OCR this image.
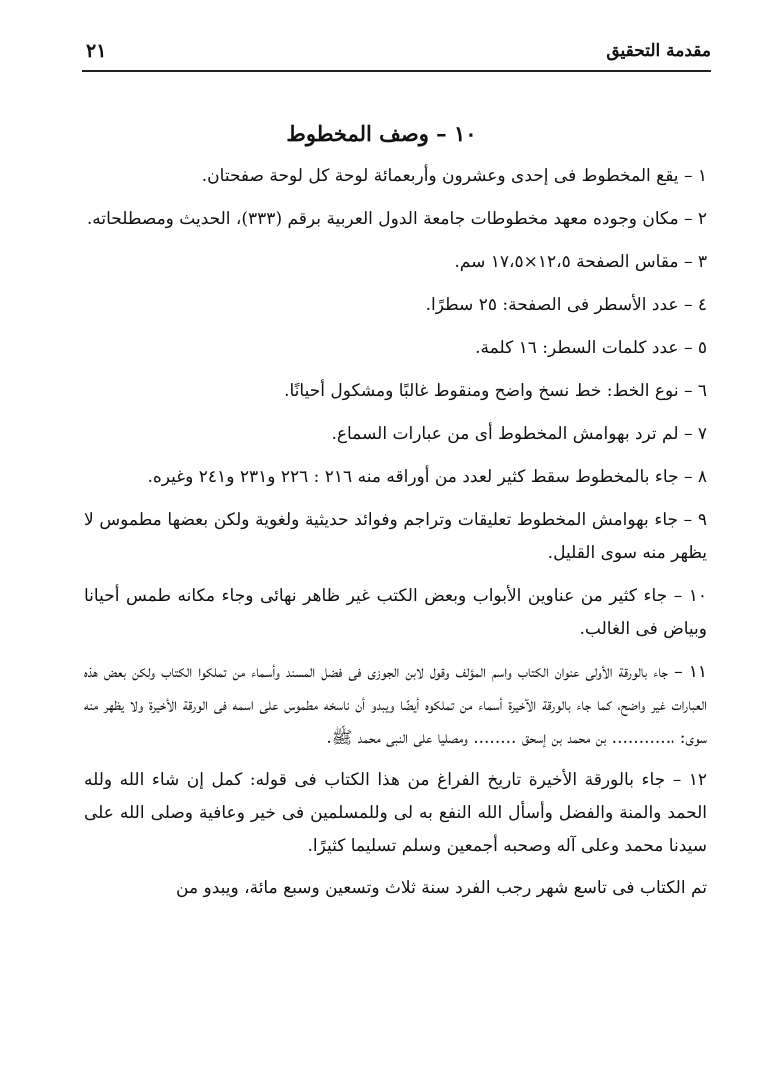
مقدمة التحقيق
٢١
١٠ – وصف المخطوط

١ – يقع المخطوط فى إحدى وعشرون وأربعمائة لوحة كل لوحة صفحتان.

٢ – مكان وجوده معهد مخطوطات جامعة الدول العربية برقم (٣٣٣)، الحديث ومصطلحاته.

٣ – مقاس الصفحة ١٢،٥×١٧،٥ سم.

٤ – عدد الأسطر فى الصفحة: ٢٥ سطرًا.

٥ – عدد كلمات السطر: ١٦ كلمة.

٦ – نوع الخط: خط نسخ واضح ومنقوط غالبًا ومشكول أحيانًا.

٧ – لم ترد بهوامش المخطوط أى من عبارات السماع.

٨ – جاء بالمخطوط سقط كثير لعدد من أوراقه منه ٢١٦ : ٢٢٦ و٢٣١ و٢٤١ وغيره.

٩ – جاء بهوامش المخطوط تعليقات وتراجم وفوائد حديثية ولغوية ولكن بعضها مطموس لا يظهر منه سوى القليل.

١٠ – جاء كثير من عناوين الأبواب وبعض الكتب غير ظاهر نهائى وجاء مكانه طمس أحيانا وبياض فى الغالب.

١١ – جاء بالورقة الأولى عنوان الكتاب واسم المؤلف وقول لابن الجوزى فى فضل المسند وأسماء من تملكوا الكتاب ولكن بعض هذه العبارات غير واضح، كما جاء بالورقة الآخيرة أسماء من تملكوه أيضًا ويبدو أن ناسخه مطموس على اسمه فى الورقة الأخيرة ولا يظهر منه سوى: ،........... بن محمد بن إسحق ........ ومصليا على النبى محمد ﷺ.

١٢ – جاء بالورقة الأخيرة تاريخ الفراغ من هذا الكتاب فى قوله: كمل إن شاء الله ولله الحمد والمنة والفضل وأسأل الله النفع به لى وللمسلمين فى خير وعافية وصلى الله على سيدنا محمد وعلى آله وصحبه أجمعين وسلم تسليما كثيرًا.

تم الكتاب فى تاسع شهر رجب الفرد سنة ثلاث وتسعين وسبع مائة، ويبدو من
